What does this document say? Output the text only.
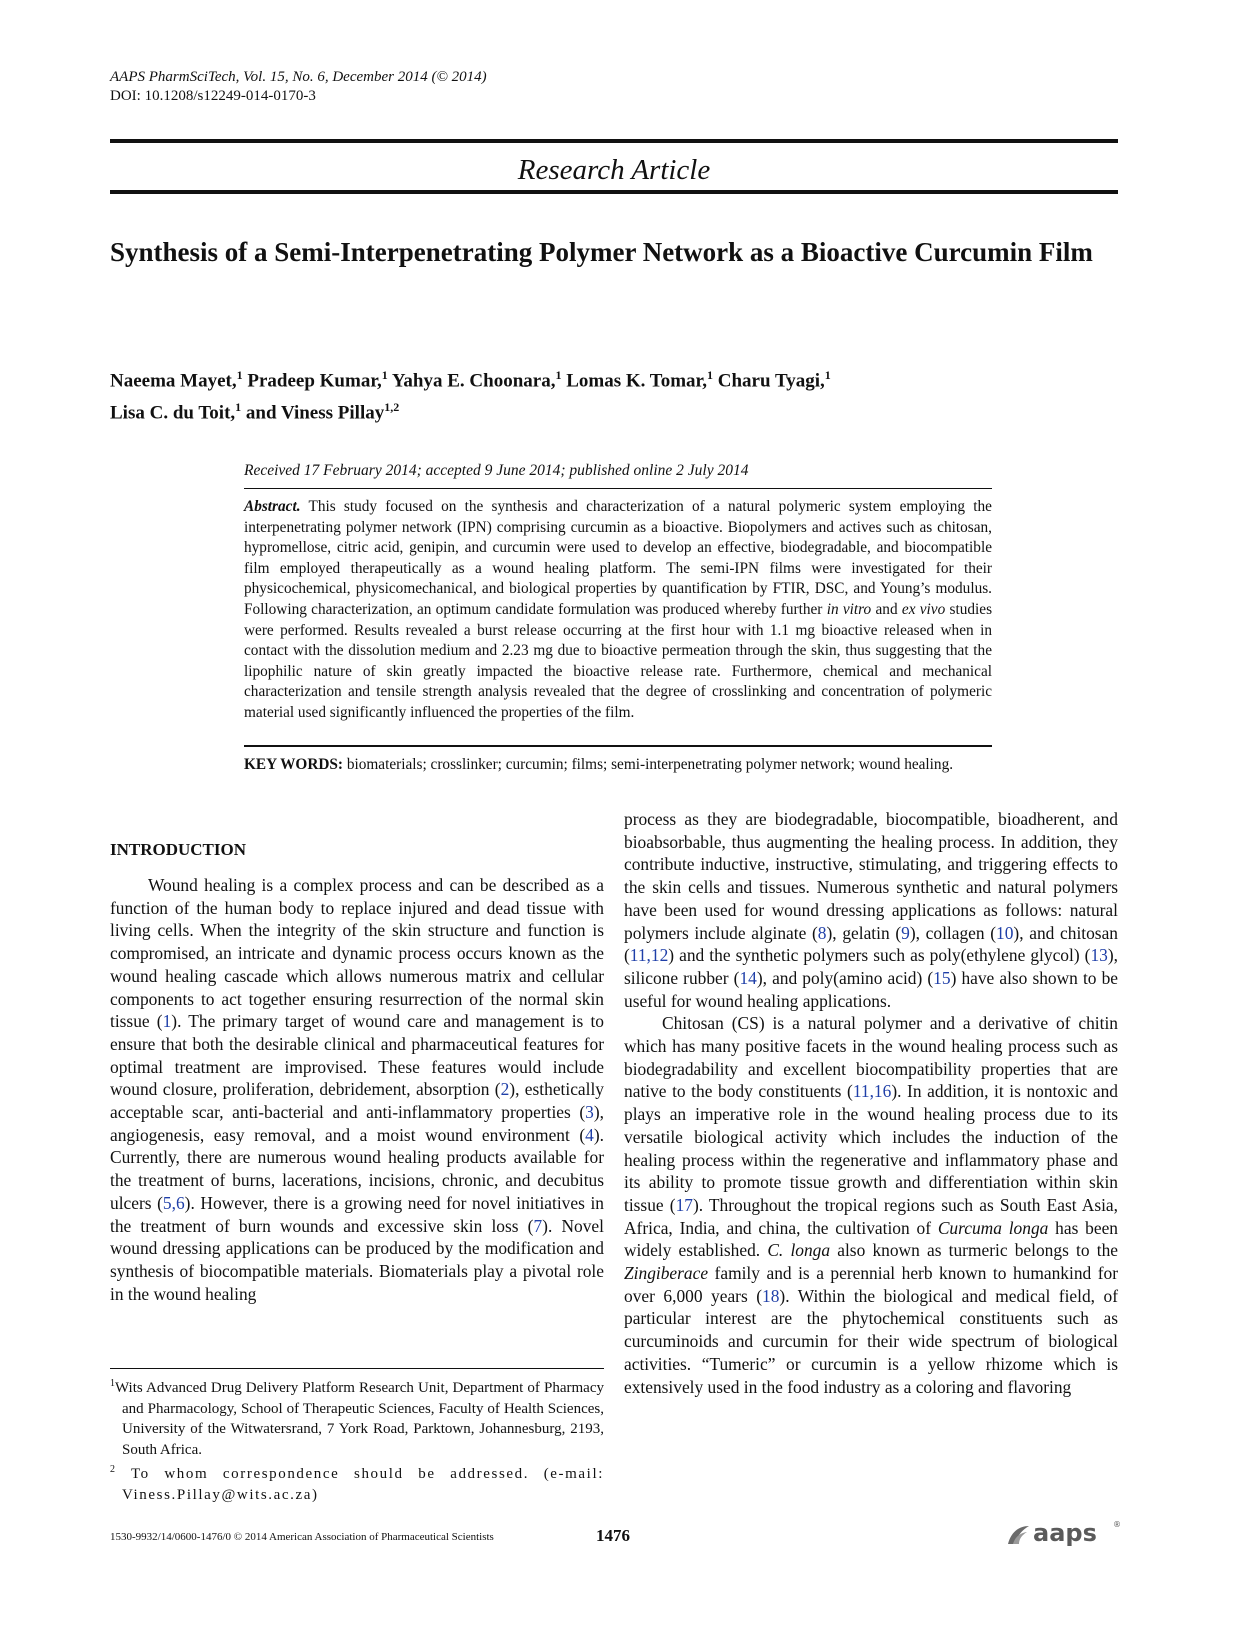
AAPS PharmSciTech, Vol. 15, No. 6, December 2014 (© 2014)
DOI: 10.1208/s12249-014-0170-3
Research Article
Synthesis of a Semi-Interpenetrating Polymer Network as a Bioactive Curcumin Film
Naeema Mayet,$^1$ Pradeep Kumar,$^1$ Yahya E. Choonara,$^1$ Lomas K. Tomar,$^1$ Charu Tyagi,$^1$
Lisa C. du Toit,$^1$ and Viness Pillay$^{1,2}$
Received 17 February 2014; accepted 9 June 2014; published online 2 July 2014
Abstract. This study focused on the synthesis and characterization of a natural polymeric system employing the interpenetrating polymer network (IPN) comprising curcumin as a bioactive. Biopolymers and actives such as chitosan, hypromellose, citric acid, genipin, and curcumin were used to develop an effective, biodegradable, and biocompatible film employed therapeutically as a wound healing platform. The semi-IPN films were investigated for their physicochemical, physicomechanical, and biological properties by quantification by FTIR, DSC, and Young’s modulus. Following characterization, an optimum candidate formulation was produced whereby further in vitro and ex vivo studies were performed. Results revealed a burst release occurring at the first hour with 1.1 mg bioactive released when in contact with the dissolution medium and 2.23 mg due to bioactive permeation through the skin, thus suggesting that the lipophilic nature of skin greatly impacted the bioactive release rate. Furthermore, chemical and mechanical characterization and tensile strength analysis revealed that the degree of crosslinking and concentration of polymeric material used significantly influenced the properties of the film.
KEY WORDS: biomaterials; crosslinker; curcumin; films; semi-interpenetrating polymer network; wound healing.
INTRODUCTION

Wound healing is a complex process and can be described as a function of the human body to replace injured and dead tissue with living cells. When the integrity of the skin structure and function is compromised, an intricate and dynamic process occurs known as the wound healing cascade which allows numerous matrix and cellular components to act together ensuring resurrection of the normal skin tissue (1). The primary target of wound care and management is to ensure that both the desirable clinical and pharmaceutical features for optimal treatment are improvised. These features would include wound closure, proliferation, debridement, absorption (2), esthetically acceptable scar, anti-bacterial and anti-inflammatory properties (3), angiogenesis, easy removal, and a moist wound environment (4). Currently, there are numerous wound healing products available for the treatment of burns, lacerations, incisions, chronic, and decubitus ulcers (5,6). However, there is a growing need for novel initiatives in the treatment of burn wounds and excessive skin loss (7). Novel wound dressing applications can be produced by the modification and synthesis of biocompatible materials. Biomaterials play a pivotal role in the wound healing

$^1$Wits Advanced Drug Delivery Platform Research Unit, Department of Pharmacy and Pharmacology, School of Therapeutic Sciences, Faculty of Health Sciences, University of the Witwatersrand, 7 York Road, Parktown, Johannesburg, 2193, South Africa.

$^2$ To whom correspondence should be addressed. (e-mail: Viness.Pillay@wits.ac.za)

process as they are biodegradable, biocompatible, bioadherent, and bioabsorbable, thus augmenting the healing process. In addition, they contribute inductive, instructive, stimulating, and triggering effects to the skin cells and tissues. Numerous synthetic and natural polymers have been used for wound dressing applications as follows: natural polymers include alginate (8), gelatin (9), collagen (10), and chitosan (11,12) and the synthetic polymers such as poly(ethylene glycol) (13), silicone rubber (14), and poly(amino acid) (15) have also shown to be useful for wound healing applications.

Chitosan (CS) is a natural polymer and a derivative of chitin which has many positive facets in the wound healing process such as biodegradability and excellent biocompatibility properties that are native to the body constituents (11,16). In addition, it is nontoxic and plays an imperative role in the wound healing process due to its versatile biological activity which includes the induction of the healing process within the regenerative and inflammatory phase and its ability to promote tissue growth and differentiation within skin tissue (17). Throughout the tropical regions such as South East Asia, Africa, India, and china, the cultivation of Curcuma longa has been widely established. C. longa also known as turmeric belongs to the Zingiberace family and is a perennial herb known to humankind for over 6,000 years (18). Within the biological and medical field, of particular interest are the phytochemical constituents such as curcuminoids and curcumin for their wide spectrum of biological activities. “Tumeric” or curcumin is a yellow rhizome which is extensively used in the food industry as a coloring and flavoring

1530-9932/14/0600-1476/0 © 2014 American Association of Pharmaceutical Scientists	1476	aaps ®
